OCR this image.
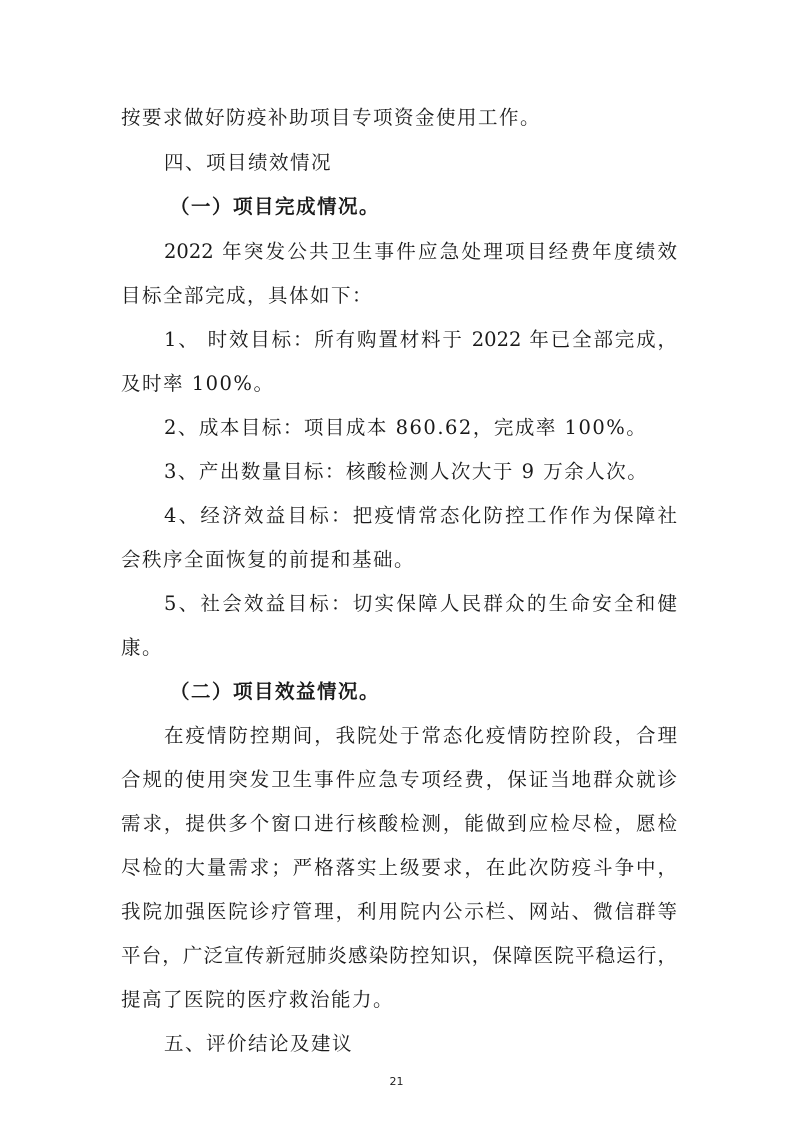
按要求做好防疫补助项目专项资金使用工作。
四、项目绩效情况
（一）项目完成情况。
2022 年突发公共卫生事件应急处理项目经费年度绩效
目标全部完成，具体如下：
1、 时效目标：所有购置材料于 2022 年已全部完成，
及时率 100%。
2、成本目标：项目成本 860.62，完成率 100%。
3、产出数量目标：核酸检测人次大于 9 万余人次。
4、经济效益目标：把疫情常态化防控工作作为保障社
会秩序全面恢复的前提和基础。
5、社会效益目标：切实保障人民群众的生命安全和健
康。
（二）项目效益情况。
在疫情防控期间，我院处于常态化疫情防控阶段，合理
合规的使用突发卫生事件应急专项经费，保证当地群众就诊
需求，提供多个窗口进行核酸检测，能做到应检尽检，愿检
尽检的大量需求；严格落实上级要求，在此次防疫斗争中，
我院加强医院诊疗管理，利用院内公示栏、网站、微信群等
平台，广泛宣传新冠肺炎感染防控知识，保障医院平稳运行，
提高了医院的医疗救治能力。
五、评价结论及建议
21
